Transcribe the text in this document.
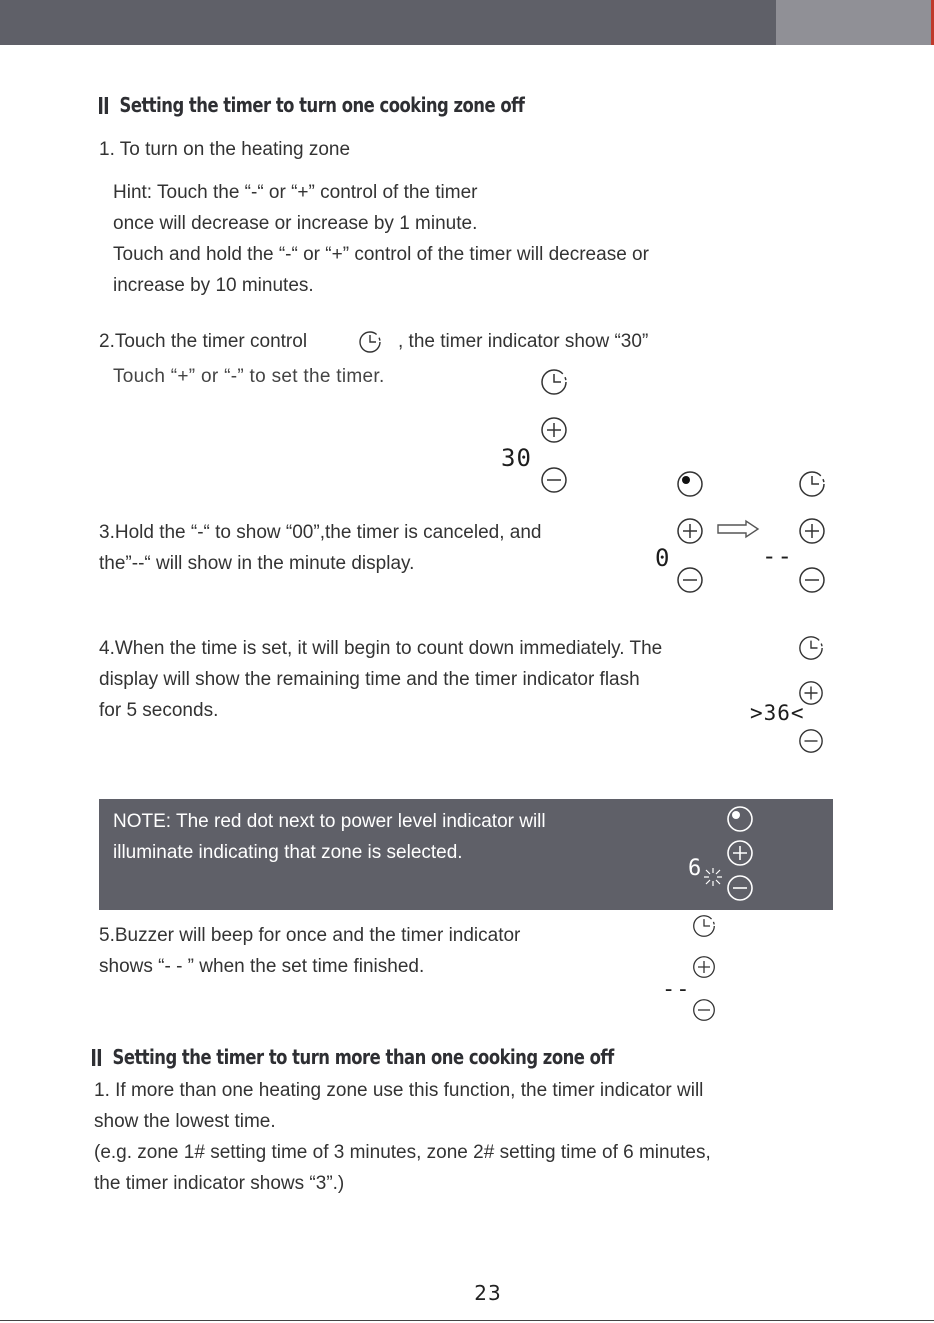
Setting the timer to turn one cooking zone off
1. To turn on the heating zone
Hint: Touch the “-“ or “+” control of the timer
once will decrease or increase by 1 minute.
Touch and hold the “-“ or “+” control of the timer will decrease or
increase by 10 minutes.
2.Touch the timer control	, the timer indicator show “30”
Touch “+” or “-” to set the timer.
30
3.Hold the “-“ to show “00”,the timer is canceled, and
the”--“ will show in the minute display.	0	--
4.When the time is set, it will begin to count down immediately. The
display will show the remaining time and the timer indicator flash
for 5 seconds.	>36<
NOTE: The red dot next to power level indicator will
illuminate indicating that zone is selected.
6
5.Buzzer will beep for once and the timer indicator
shows “- - ” when the set time finished.
--
Setting the timer to turn more than one cooking zone off
1. If more than one heating zone use this function, the timer indicator will
show the lowest time.
(e.g. zone 1# setting time of 3 minutes, zone 2# setting time of 6 minutes,
the timer indicator shows “3”.)
23
